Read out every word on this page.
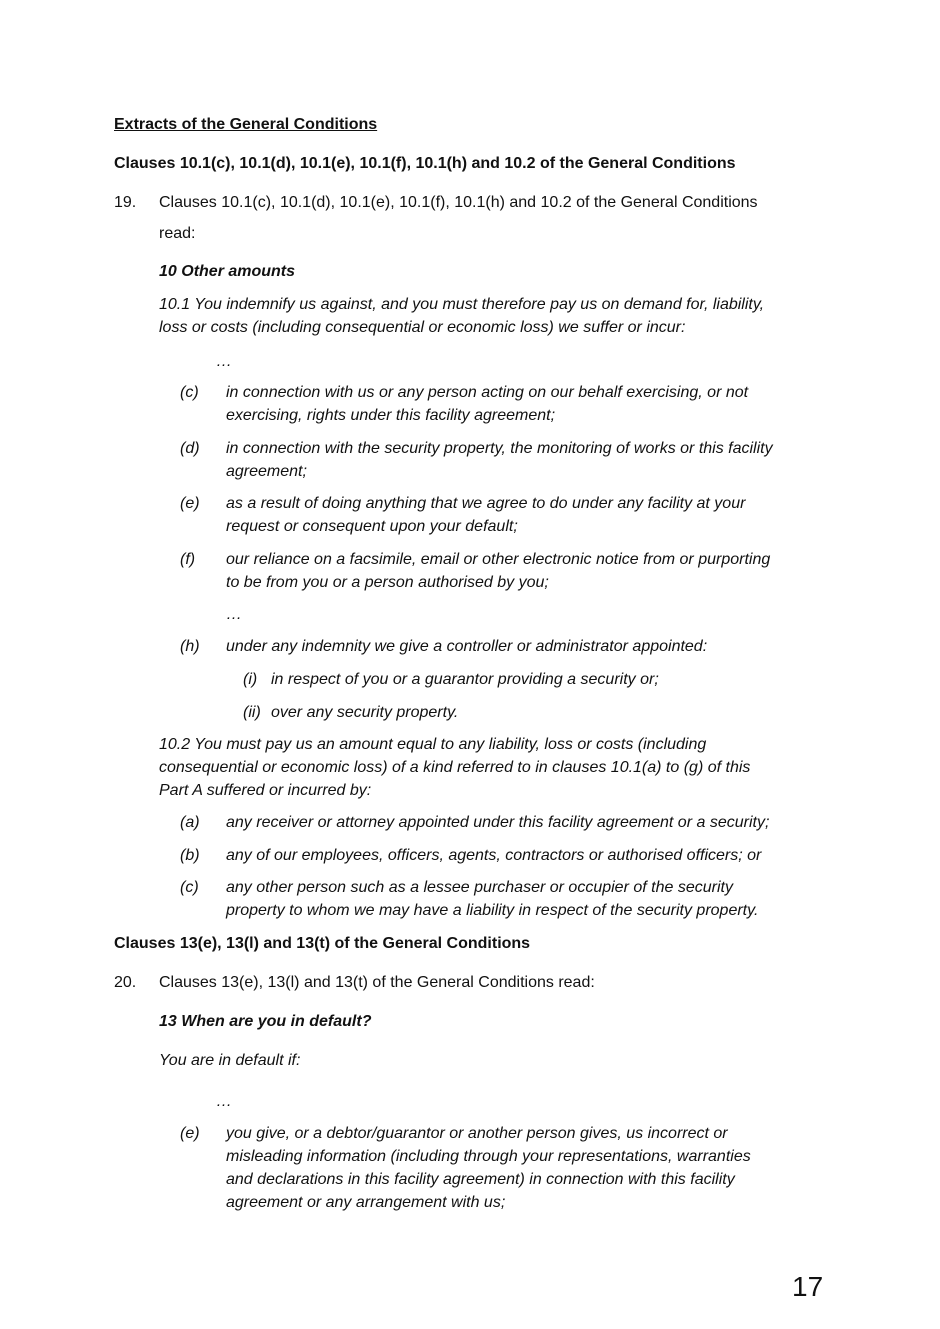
Extracts of the General Conditions
Clauses 10.1(c), 10.1(d), 10.1(e), 10.1(f), 10.1(h) and 10.2 of the General Conditions
19. Clauses 10.1(c), 10.1(d), 10.1(e), 10.1(f), 10.1(h) and 10.2 of the General Conditions
read:
10 Other amounts
10.1 You indemnify us against, and you must therefore pay us on demand for, liability,
loss or costs (including consequential or economic loss) we suffer or incur:
…
(c) in connection with us or any person acting on our behalf exercising, or not
exercising, rights under this facility agreement;
(d) in connection with the security property, the monitoring of works or this facility
agreement;
(e) as a result of doing anything that we agree to do under any facility at your
request or consequent upon your default;
(f) our reliance on a facsimile, email or other electronic notice from or purporting
to be from you or a person authorised by you;
…
(h) under any indemnity we give a controller or administrator appointed:
(i) in respect of you or a guarantor providing a security or;
(ii) over any security property.
10.2 You must pay us an amount equal to any liability, loss or costs (including
consequential or economic loss) of a kind referred to in clauses 10.1(a) to (g) of this
Part A suffered or incurred by:
(a) any receiver or attorney appointed under this facility agreement or a security;
(b) any of our employees, officers, agents, contractors or authorised officers; or
(c) any other person such as a lessee purchaser or occupier of the security
property to whom we may have a liability in respect of the security property.
Clauses 13(e), 13(l) and 13(t) of the General Conditions
20. Clauses 13(e), 13(l) and 13(t) of the General Conditions read:
13 When are you in default?
You are in default if:
…
(e) you give, or a debtor/guarantor or another person gives, us incorrect or
misleading information (including through your representations, warranties
and declarations in this facility agreement) in connection with this facility
agreement or any arrangement with us;
17
